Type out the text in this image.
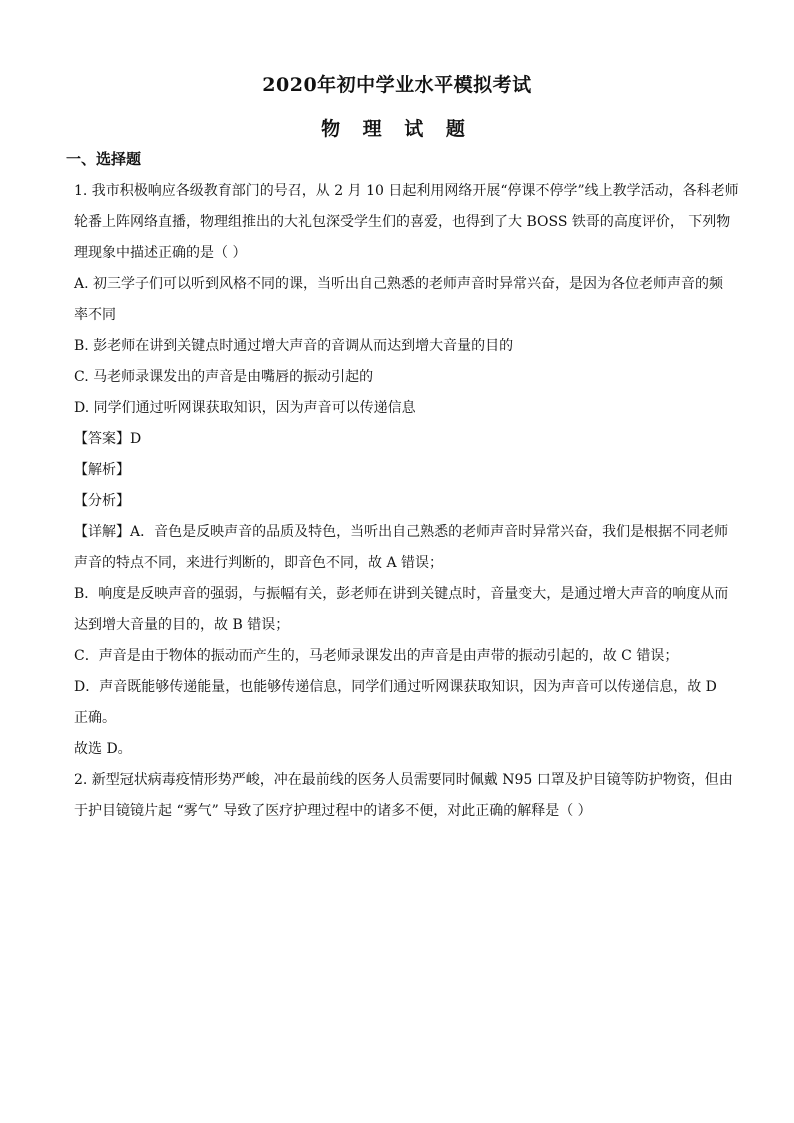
2020年初中学业水平模拟考试
物 理 试 题
一、选择题

1. 我市积极响应各级教育部门的号召，从 2 月 10 日起利用网络开展“停课不停学”线上教学活动，各科老师

轮番上阵网络直播，物理组推出的大礼包深受学生们的喜爱，也得到了大 BOSS 铁哥的高度评价， 下列物

理现象中描述正确的是（ ）

A. 初三学子们可以听到风格不同的课，当听出自己熟悉的老师声音时异常兴奋，是因为各位老师声音的频

率不同

B. 彭老师在讲到关键点时通过增大声音的音调从而达到增大音量的目的

C. 马老师录课发出的声音是由嘴唇的振动引起的

D. 同学们通过听网课获取知识，因为声音可以传递信息

【答案】D

【解析】

【分析】

【详解】A．音色是反映声音的品质及特色，当听出自己熟悉的老师声音时异常兴奋，我们是根据不同老师

声音的特点不同，来进行判断的，即音色不同，故 A 错误；

B．响度是反映声音的强弱，与振幅有关，彭老师在讲到关键点时，音量变大，是通过增大声音的响度从而

达到增大音量的目的，故 B 错误；

C．声音是由于物体的振动而产生的，马老师录课发出的声音是由声带的振动引起的，故 C 错误；

D．声音既能够传递能量，也能够传递信息，同学们通过听网课获取知识，因为声音可以传递信息，故 D

正确。

故选 D。

2. 新型冠状病毒疫情形势严峻，冲在最前线的医务人员需要同时佩戴 N95 口罩及护目镜等防护物资，但由

于护目镜镜片起 “雾气” 导致了医疗护理过程中的诸多不便，对此正确的解释是（ ）
